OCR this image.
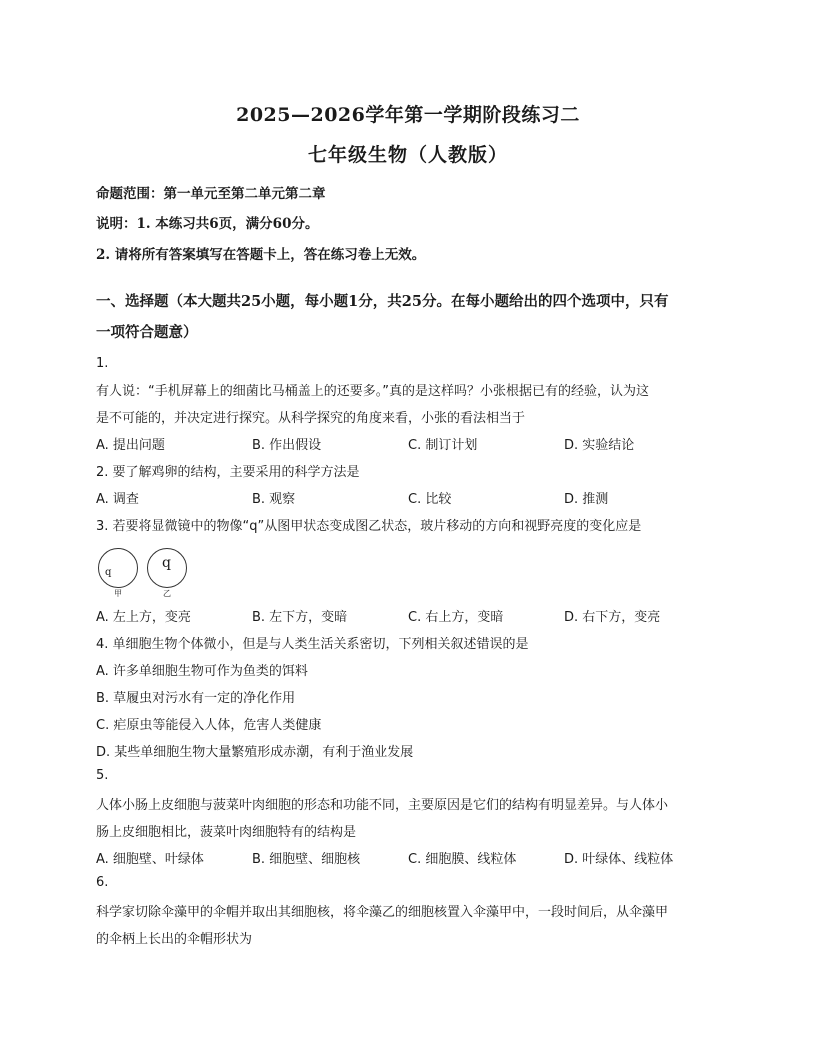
2025—2026学年第一学期阶段练习二
七年级生物（人教版）
命题范围：第一单元至第二单元第二章
说明：1. 本练习共6页，满分60分。
2. 请将所有答案填写在答题卡上，答在练习卷上无效。
一、选择题（本大题共25小题，每小题1分，共25分。在每小题给出的四个选项中，只有
一项符合题意）
1.
有人说：“手机屏幕上的细菌比马桶盖上的还要多。”真的是这样吗？小张根据已有的经验，认为这
是不可能的，并决定进行探究。从科学探究的角度来看，小张的看法相当于
A. 提出问题	B. 作出假设	C. 制订计划	D. 实验结论
2. 要了解鸡卵的结构，主要采用的科学方法是
A. 调查	B. 观察	C. 比较	D. 推测
3. 若要将显微镜中的物像“q”从图甲状态变成图乙状态，玻片移动的方向和视野亮度的变化应是
q
q
甲	乙
A. 左上方，变亮	B. 左下方，变暗	C. 右上方，变暗	D. 右下方，变亮
4. 单细胞生物个体微小，但是与人类生活关系密切，下列相关叙述错误的是
A. 许多单细胞生物可作为鱼类的饵料
B. 草履虫对污水有一定的净化作用
C. 疟原虫等能侵入人体，危害人类健康
D. 某些单细胞生物大量繁殖形成赤潮，有利于渔业发展
5.
人体小肠上皮细胞与菠菜叶肉细胞的形态和功能不同，主要原因是它们的结构有明显差异。与人体小
肠上皮细胞相比，菠菜叶肉细胞特有的结构是
A. 细胞壁、叶绿体	B. 细胞壁、细胞核	C. 细胞膜、线粒体	D. 叶绿体、线粒体
6.
科学家切除伞藻甲的伞帽并取出其细胞核，将伞藻乙的细胞核置入伞藻甲中，一段时间后，从伞藻甲
的伞柄上长出的伞帽形状为
